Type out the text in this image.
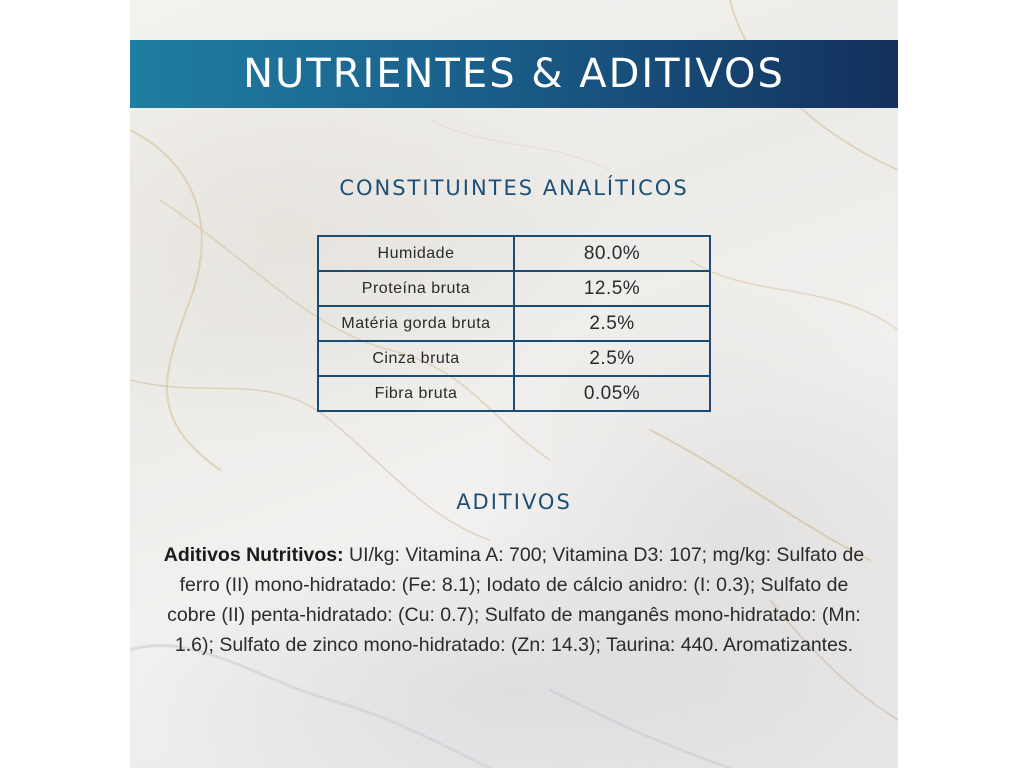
NUTRIENTES & ADITIVOS
CONSTITUINTES ANALÍTICOS
Humidade	80.0%
Proteína bruta	12.5%
Matéria gorda bruta	2.5%
Cinza bruta	2.5%
Fibra bruta	0.05%
ADITIVOS
Aditivos Nutritivos: UI/kg: Vitamina A: 700; Vitamina D3: 107; mg/kg: Sulfato de ferro (II) mono-hidratado: (Fe: 8.1); Iodato de cálcio anidro: (I: 0.3); Sulfato de cobre (II) penta-hidratado: (Cu: 0.7); Sulfato de manganês mono-hidratado: (Mn: 1.6); Sulfato de zinco mono-hidratado: (Zn: 14.3); Taurina: 440. Aromatizantes.
